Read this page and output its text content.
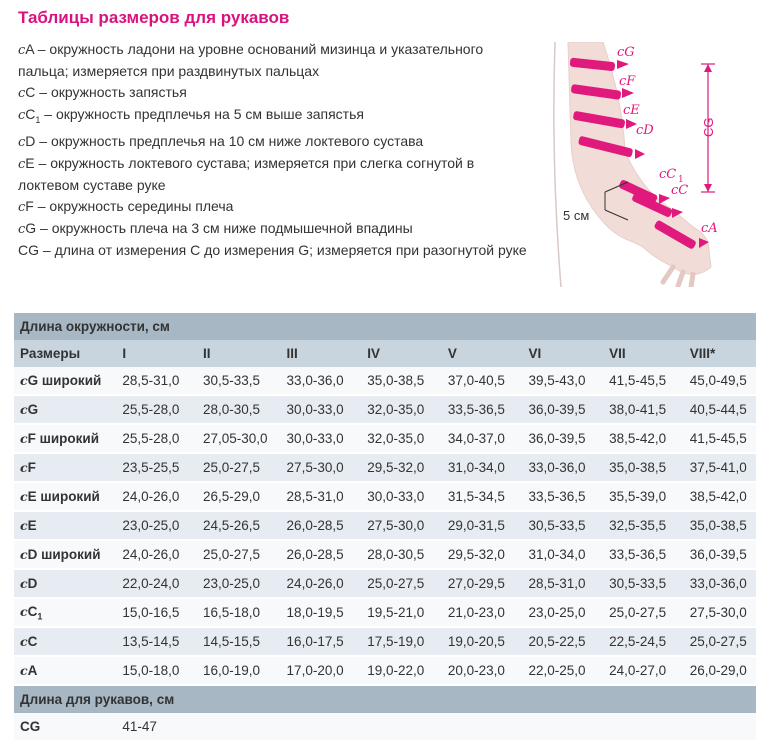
Таблицы размеров для рукавов
cA – окружность ладони на уровне оснований мизинца и указательного пальца; измеряется при раздвинутых пальцах
cC – окружность запястья
$cC_1$ – окружность предплечья на 5 см выше запястья
cD – окружность предплечья на 10 см ниже локтевого сустава
cE – окружность локтевого сустава; измеряется при слегка согнутой в локтевом суставе руке
cF – окружность середины плеча
cG – окружность плеча на 3 см ниже подмышечной впадины
CG – длина от измерения C до измерения G; измеряется при разогнутой руке
CG
5 см
cG
cF
cE
cD
cC 1
cC
cA
Длина окружности, см								
Размеры	I	II	III	IV	V	VI	VII	VIII*
cG широкий	28,5-31,0	30,5-33,5	33,0-36,0	35,0-38,5	37,0-40,5	39,5-43,0	41,5-45,5	45,0-49,5
cG	25,5-28,0	28,0-30,5	30,0-33,0	32,0-35,0	33,5-36,5	36,0-39,5	38,0-41,5	40,5-44,5
cF широкий	25,5-28,0	27,05-30,0	30,0-33,0	32,0-35,0	34,0-37,0	36,0-39,5	38,5-42,0	41,5-45,5
cF	23,5-25,5	25,0-27,5	27,5-30,0	29,5-32,0	31,0-34,0	33,0-36,0	35,0-38,5	37,5-41,0
cE широкий	24,0-26,0	26,5-29,0	28,5-31,0	30,0-33,0	31,5-34,5	33,5-36,5	35,5-39,0	38,5-42,0
cE	23,0-25,0	24,5-26,5	26,0-28,5	27,5-30,0	29,0-31,5	30,5-33,5	32,5-35,5	35,0-38,5
cD широкий	24,0-26,0	25,0-27,5	26,0-28,5	28,0-30,5	29,5-32,0	31,0-34,0	33,5-36,5	36,0-39,5
cD	22,0-24,0	23,0-25,0	24,0-26,0	25,0-27,5	27,0-29,5	28,5-31,0	30,5-33,5	33,0-36,0
$cC_1$	15,0-16,5	16,5-18,0	18,0-19,5	19,5-21,0	21,0-23,0	23,0-25,0	25,0-27,5	27,5-30,0
cC	13,5-14,5	14,5-15,5	16,0-17,5	17,5-19,0	19,0-20,5	20,5-22,5	22,5-24,5	25,0-27,5
cA	15,0-18,0	16,0-19,0	17,0-20,0	19,0-22,0	20,0-23,0	22,0-25,0	24,0-27,0	26,0-29,0
Длина для рукавов, см								
CG	41-47							
